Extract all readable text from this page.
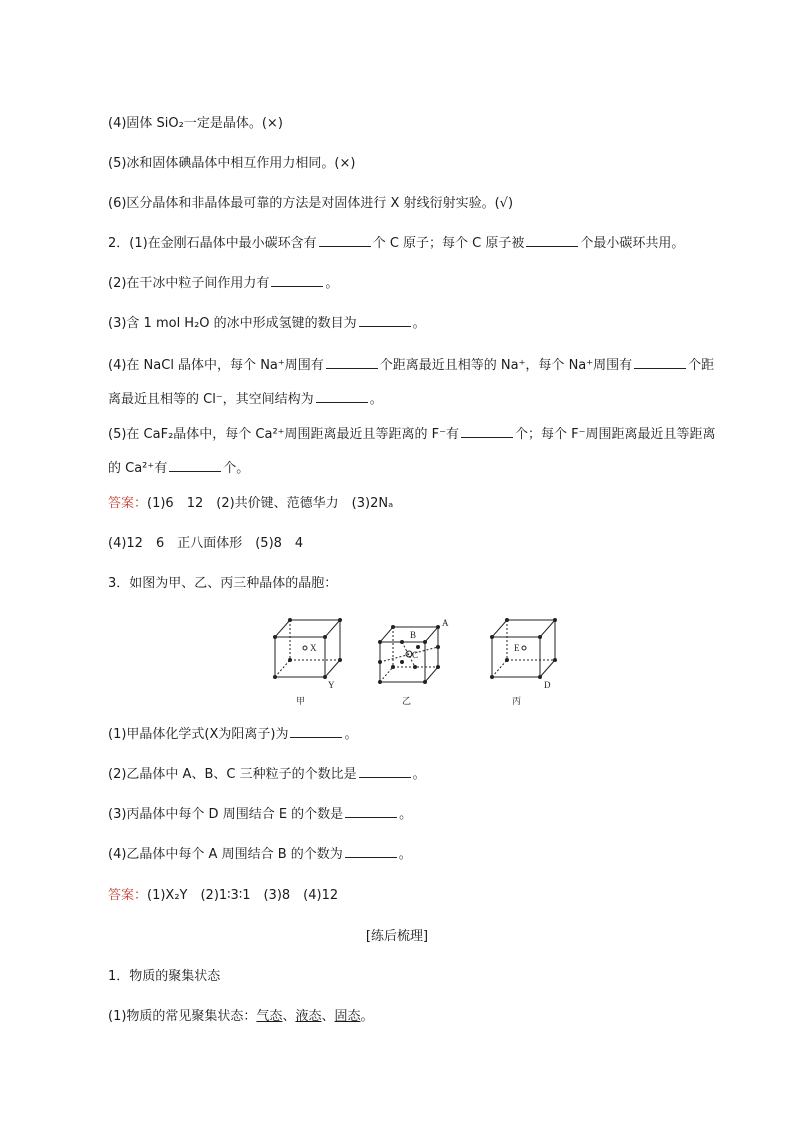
(4)固体 SiO₂一定是晶体。(×)
(5)冰和固体碘晶体中相互作用力相同。(×)
(6)区分晶体和非晶体最可靠的方法是对固体进行 X 射线衍射实验。(√)
2．(1)在金刚石晶体中最小碳环含有	个 C 原子；每个 C 原子被	个最小碳环共用。
(2)在干冰中粒子间作用力有	。
(3)含 1 mol H₂O 的冰中形成氢键的数目为	。
(4)在 NaCl 晶体中，每个 Na⁺周围有	个距离最近且相等的 Na⁺，每个 Na⁺周围有	个距离最近且相等的 Cl⁻，其空间结构为	。
(5)在 CaF₂晶体中，每个 Ca²⁺周围距离最近且等距离的 F⁻有	个；每个 F⁻周围距离最近且等距离的 Ca²⁺有	个。
答案：(1)6　12　(2)共价键、范德华力　(3)2Nₐ
(4)12　6　正八面体形　(5)8　4
3．如图为甲、乙、丙三种晶体的晶胞：
X
Y
甲
B
A
C
乙
E
D
丙
(1)甲晶体化学式(X为阳离子)为	。
(2)乙晶体中 A、B、C 三种粒子的个数比是	。
(3)丙晶体中每个 D 周围结合 E 的个数是	。
(4)乙晶体中每个 A 周围结合 B 的个数为	。
答案：(1)X₂Y　(2)1∶3∶1　(3)8　(4)12
[练后梳理]
1．物质的聚集状态
(1)物质的常见聚集状态：气态、液态、固态。
